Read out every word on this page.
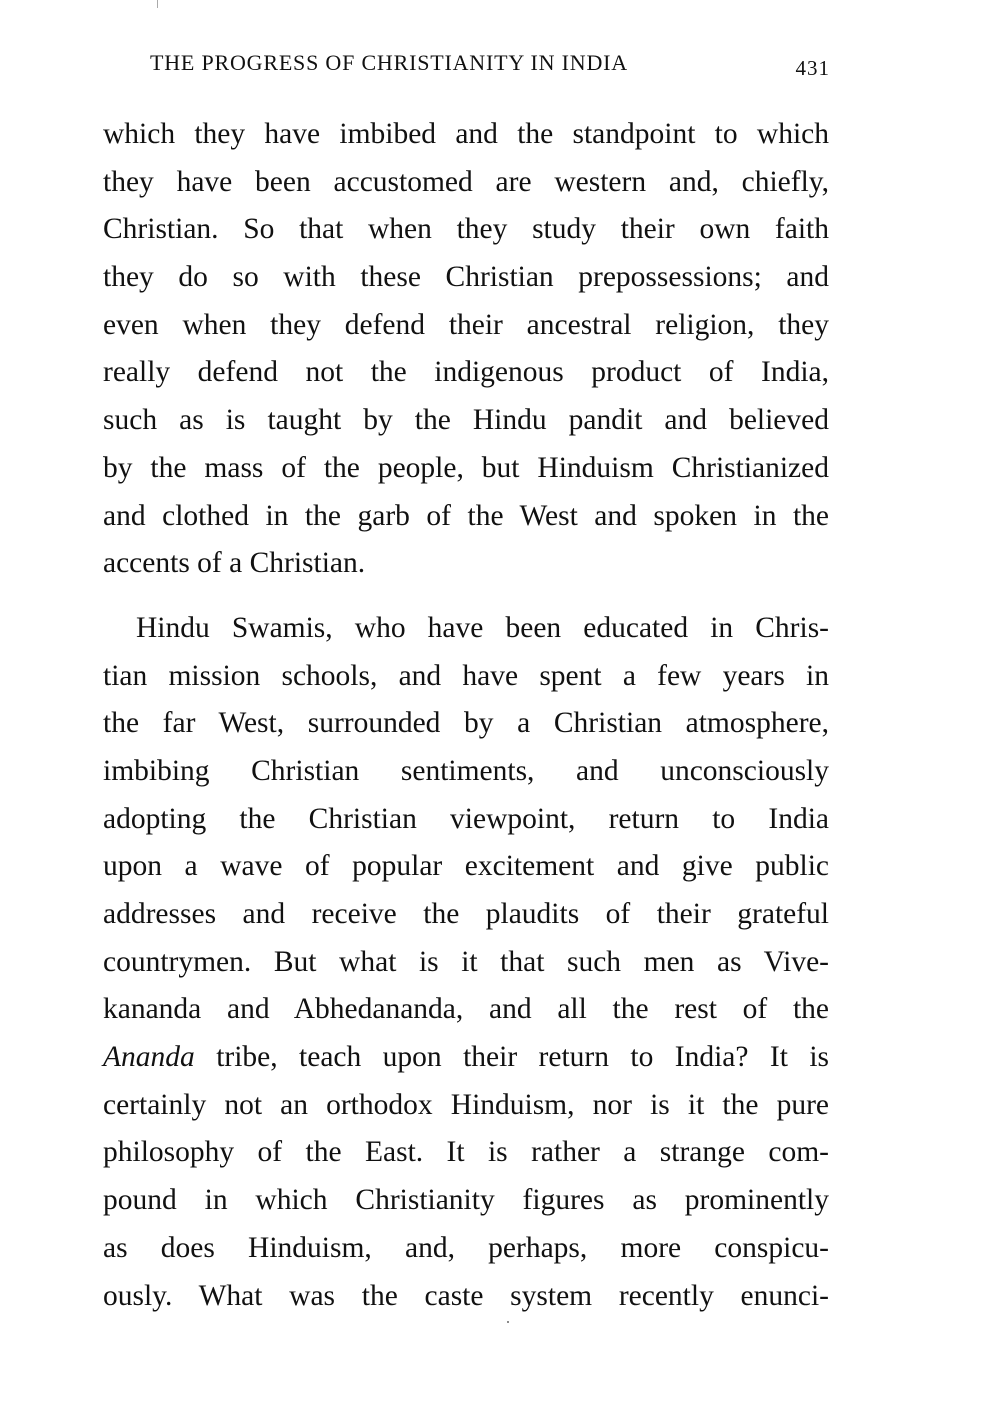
THE PROGRESS OF CHRISTIANITY IN INDIA	431

which they have imbibed and the standpoint to which
they have been accustomed are western and, chiefly,
Christian. So that when they study their own faith
they do so with these Christian prepossessions; and
even when they defend their ancestral religion, they
really defend not the indigenous product of India,
such as is taught by the Hindu pandit and believed
by the mass of the people, but Hinduism Christianized
and clothed in the garb of the West and spoken in the
accents of a Christian.

Hindu Swamis, who have been educated in Chris-
tian mission schools, and have spent a few years in
the far West, surrounded by a Christian atmosphere,
imbibing Christian sentiments, and unconsciously
adopting the Christian viewpoint, return to India
upon a wave of popular excitement and give public
addresses and receive the plaudits of their grateful
countrymen. But what is it that such men as Vive-
kananda and Abhedananda, and all the rest of the
Ananda tribe, teach upon their return to India? It is
certainly not an orthodox Hinduism, nor is it the pure
philosophy of the East. It is rather a strange com-
pound in which Christianity figures as prominently
as does Hinduism, and, perhaps, more conspicu-
ously. What was the caste system recently enunci-
